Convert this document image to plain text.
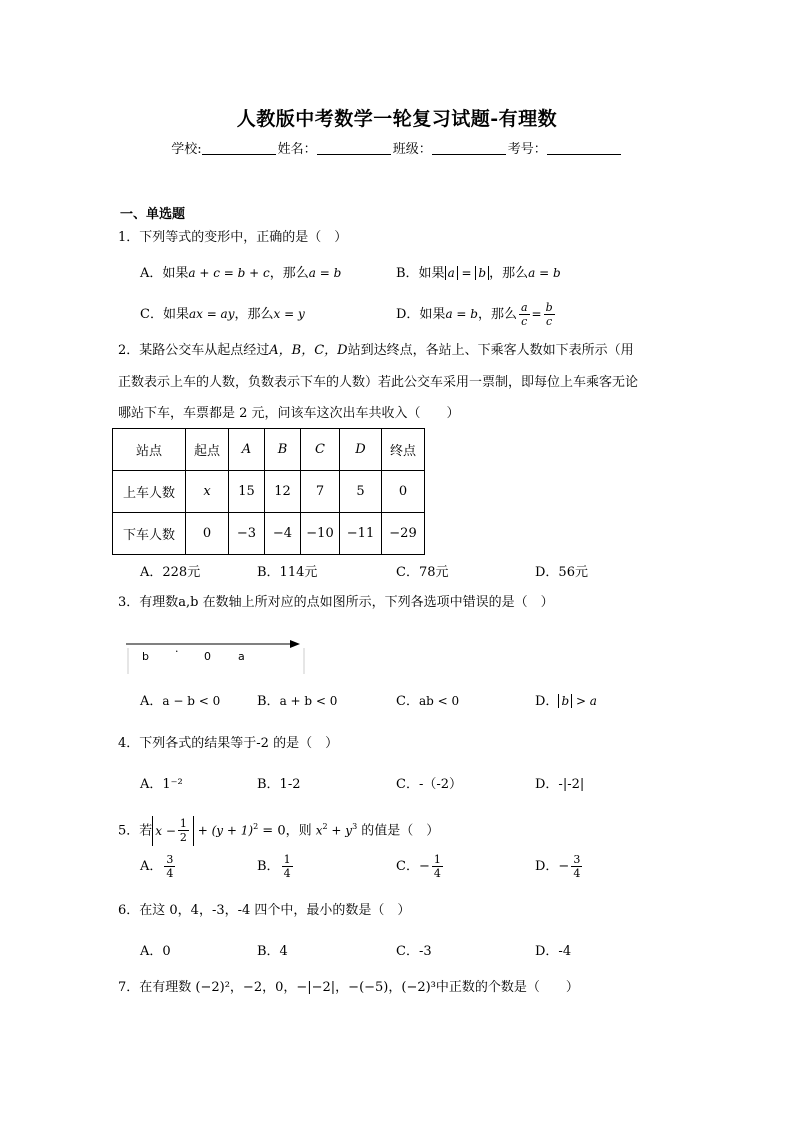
人教版中考数学一轮复习试题-有理数
学校:	姓名：	班级：	考号：
一、单选题
1．下列等式的变形中，正确的是（　）
A．如果a + c = b + c，那么a = b	B．如果 a = b ，那么a = b
C．如果ax = ay，那么x = y	D．如果a = b，那么 $\frac{a}{c} = \frac{b}{c}$
2．某路公交车从起点经过A，B，C，D站到达终点，各站上、下乘客人数如下表所示（用
正数表示上车的人数，负数表示下车的人数）若此公交车采用一票制，即每位上车乘客无论
哪站下车，车票都是 2 元，问该车这次出车共收入（　　）
站点	起点	A	B	C	D	终点
上车人数	x	15	12	7	5	0
下车人数	0	−3	−4	−10	−11	−29
A．228元	B．114元	C．78元	D．56元
3．有理数a,b 在数轴上所对应的点如图所示，下列各选项中错误的是（　）
b · 0 a
A．a − b < 0	B．a + b < 0	C．ab < 0	D． b > a
4．下列各式的结果等于-2 的是（　）
A．1⁻²	B．1-2	C．-（-2）	D．-|-2|
5．若 $x - \frac{1}{2} + (y + 1)^2 = 0$，则 $x^2 + y^3$ 的值是（　）
A． $\frac{3}{4}$	B． $\frac{1}{4}$	C．− $\frac{1}{4}$	D．− $\frac{3}{4}$
6．在这 0，4，-3，-4 四个中，最小的数是（　）
A．0	B．4	C．-3	D．-4
7．在有理数 (−2)²，−2，0，−|−2|，−(−5)，(−2)³中正数的个数是（　　）
